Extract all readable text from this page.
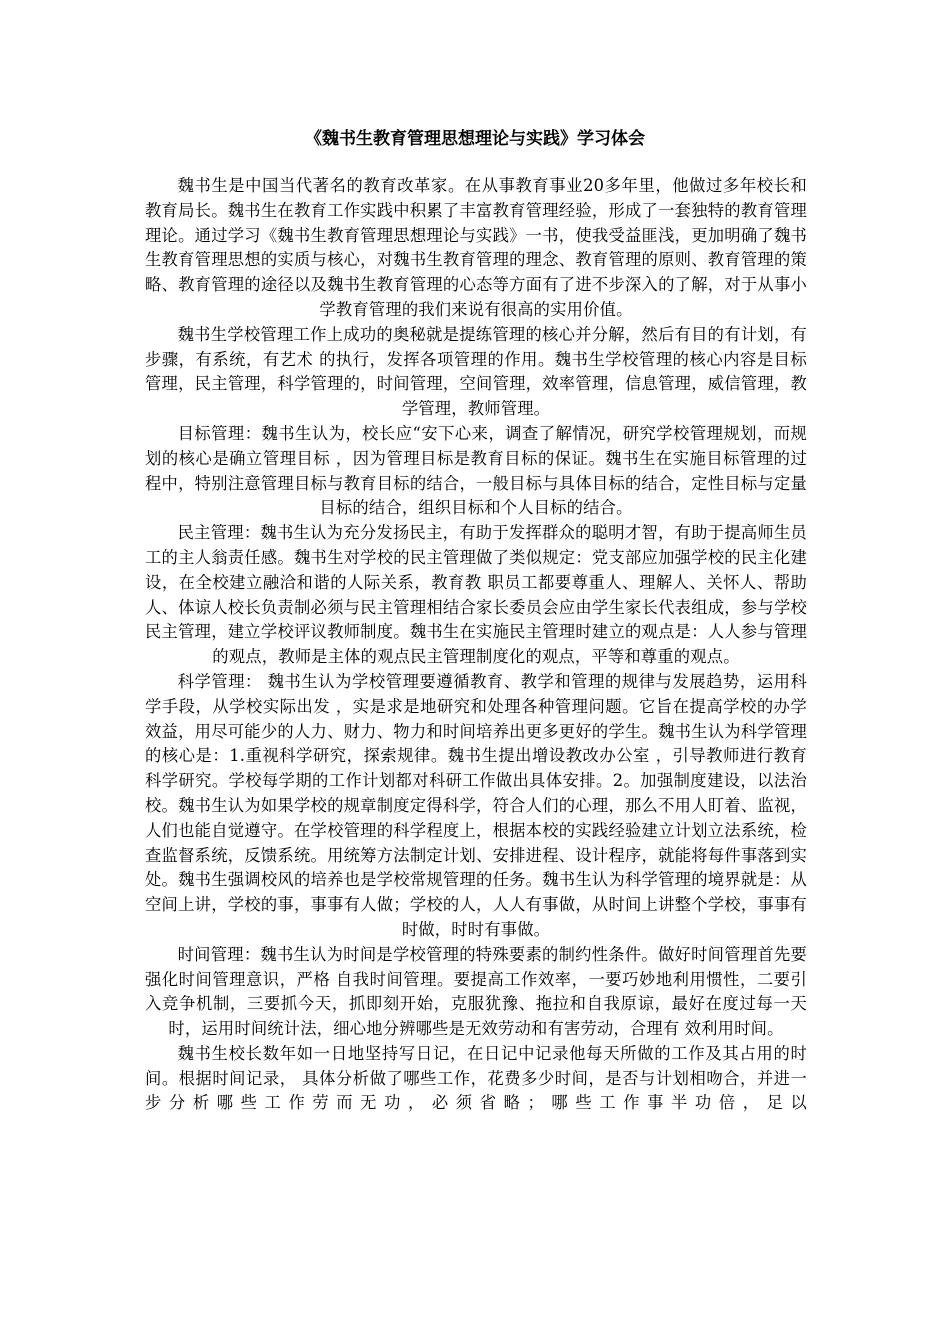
《魏书生教育管理思想理论与实践》学习体会

魏书生是中国当代著名的教育改革家。在从事教育事业20多年里，他做过多年校长和教育局长。魏书生在教育工作实践中积累了丰富教育管理经验，形成了一套独特的教育管理理论。通过学习《魏书生教育管理思想理论与实践》一书，使我受益匪浅，更加明确了魏书生教育管理思想的实质与核心，对魏书生教育管理的理念、教育管理的原则、教育管理的策略、教育管理的途径以及魏书生教育管理的心态等方面有了进不步深入的了解，对于从事小学教育管理的我们来说有很高的实用价值。

魏书生学校管理工作上成功的奥秘就是提练管理的核心并分解，然后有目的有计划，有步骤，有系统，有艺术 的执行，发挥各项管理的作用。魏书生学校管理的核心内容是目标管理，民主管理，科学管理的，时间管理，空间管理，效率管理，信息管理，威信管理，教学管理，教师管理。

目标管理：魏书生认为，校长应“安下心来，调查了解情况，研究学校管理规划，而规划的核心是确立管理目标 ，因为管理目标是教育目标的保证。魏书生在实施目标管理的过程中，特别注意管理目标与教育目标的结合，一般目标与具体目标的结合，定性目标与定量目标的结合，组织目标和个人目标的结合。

民主管理：魏书生认为充分发扬民主，有助于发挥群众的聪明才智，有助于提高师生员工的主人翁责任感。魏书生对学校的民主管理做了类似规定：党支部应加强学校的民主化建设，在全校建立融洽和谐的人际关系，教育教 职员工都要尊重人、理解人、关怀人、帮助人、体谅人校长负责制必须与民主管理相结合家长委员会应由学生家长代表组成，参与学校民主管理，建立学校评议教师制度。魏书生在实施民主管理时建立的观点是：人人参与管理的观点，教师是主体的观点民主管理制度化的观点，平等和尊重的观点。

科学管理： 魏书生认为学校管理要遵循教育、教学和管理的规律与发展趋势，运用科学手段，从学校实际出发 ，实是求是地研究和处理各种管理问题。它旨在提高学校的办学效益，用尽可能少的人力、财力、物力和时间培养出更多更好的学生。魏书生认为科学管理的核心是：1.重视科学研究，探索规律。魏书生提出增设教改办公室 ，引导教师进行教育科学研究。学校每学期的工作计划都对科研工作做出具体安排。2。加强制度建设，以法治 校。魏书生认为如果学校的规章制度定得科学，符合人们的心理，那么不用人盯着、监视，人们也能自觉遵守。在学校管理的科学程度上，根据本校的实践经验建立计划立法系统，检查监督系统，反馈系统。用统筹方法制定计划、安排进程、设计程序，就能将每件事落到实处。魏书生强调校风的培养也是学校常规管理的任务。魏书生认为科学管理的境界就是：从空间上讲，学校的事，事事有人做；学校的人，人人有事做，从时间上讲整个学校，事事有时做，时时有事做。

时间管理：魏书生认为时间是学校管理的特殊要素的制约性条件。做好时间管理首先要强化时间管理意识，严格 自我时间管理。要提高工作效率，一要巧妙地利用惯性，二要引入竞争机制，三要抓今天，抓即刻开始，克服犹豫、拖拉和自我原谅，最好在度过每一天时，运用时间统计法，细心地分辨哪些是无效劳动和有害劳动，合理有 效利用时间。

魏书生校长数年如一日地坚持写日记，在日记中记录他每天所做的工作及其占用的时间。根据时间记录， 具体分析做了哪些工作，花费多少时间，是否与计划相吻合，并进一步分析哪些工作劳而无功，必须省略；哪些工作事半功倍，足以
